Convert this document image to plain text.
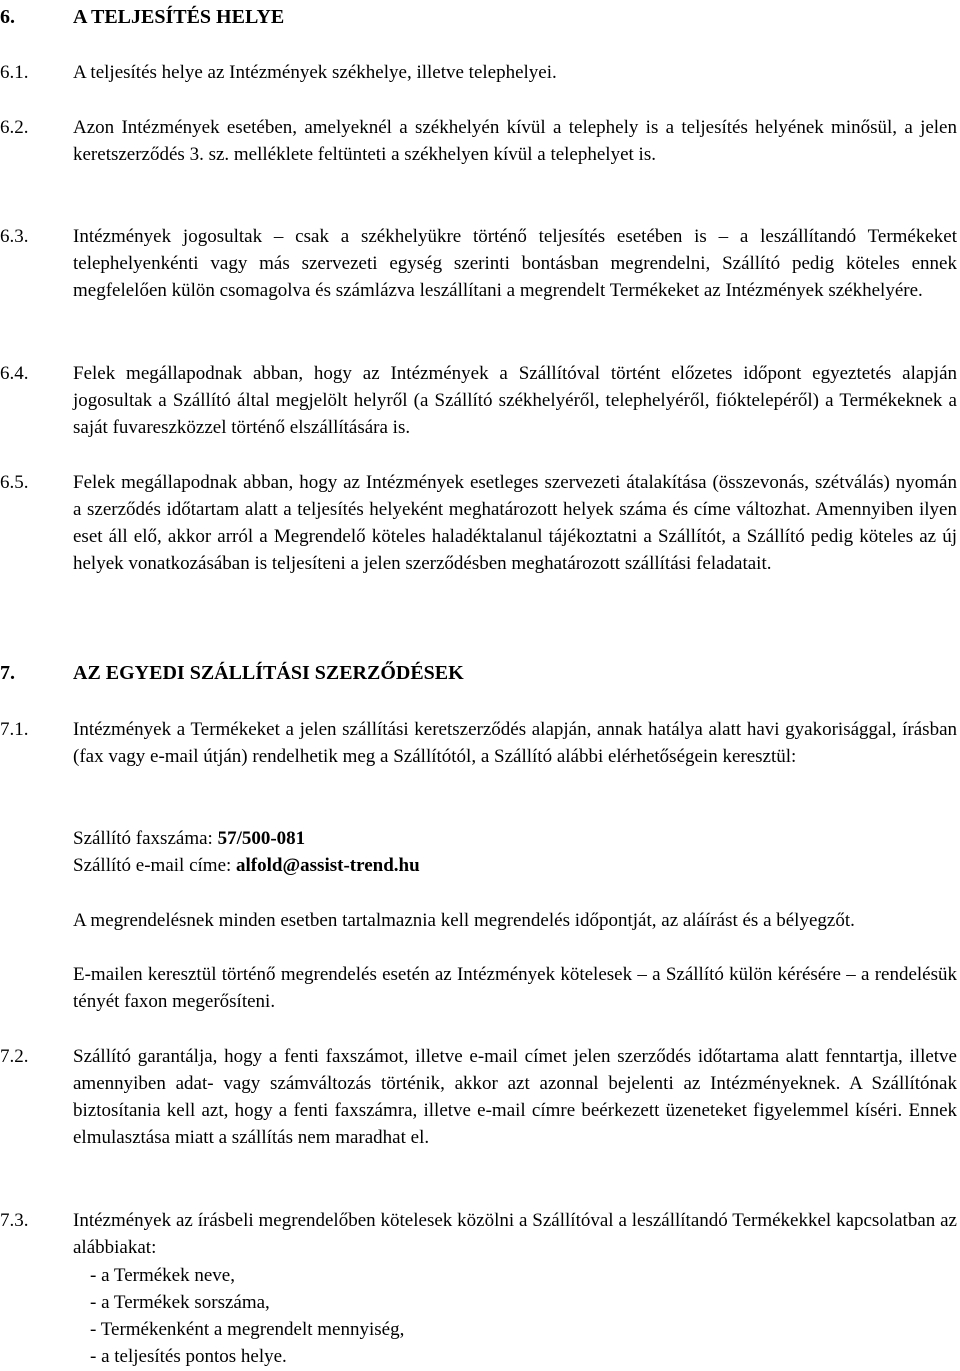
6.	A TELJESÍTÉS HELYE
6.1.	A teljesítés helye az Intézmények székhelye, illetve telephelyei.
6.2.	Azon Intézmények esetében, amelyeknél a székhelyén kívül a telephely is a teljesítés helyének minősül, a jelen keretszerződés 3. sz. melléklete feltünteti a székhelyen kívül a telephelyet is.
6.3.	Intézmények jogosultak – csak a székhelyükre történő teljesítés esetében is – a leszállítandó Termékeket telephelyenkénti vagy más szervezeti egység szerinti bontásban megrendelni, Szállító pedig köteles ennek megfelelően külön csomagolva és számlázva leszállítani a megrendelt Termékeket az Intézmények székhelyére.
6.4.	Felek megállapodnak abban, hogy az Intézmények a Szállítóval történt előzetes időpont egyeztetés alapján jogosultak a Szállító által megjelölt helyről (a Szállító székhelyéről, telephelyéről, fióktelepéről) a Termékeknek a saját fuvareszközzel történő elszállítására is.
6.5.	Felek megállapodnak abban, hogy az Intézmények esetleges szervezeti átalakítása (összevonás, szétválás) nyomán a szerződés időtartam alatt a teljesítés helyeként meghatározott helyek száma és címe változhat. Amennyiben ilyen eset áll elő, akkor arról a Megrendelő köteles haladéktalanul tájékoztatni a Szállítót, a Szállító pedig köteles az új helyek vonatkozásában is teljesíteni a jelen szerződésben meghatározott szállítási feladatait.
7.	AZ EGYEDI SZÁLLÍTÁSI SZERZŐDÉSEK
7.1.	Intézmények a Termékeket a jelen szállítási keretszerződés alapján, annak hatálya alatt havi gyakorisággal, írásban (fax vagy e-mail útján) rendelhetik meg a Szállítótól, a Szállító alábbi elérhetőségein keresztül:
Szállító faxszáma: 57/500-081
Szállító e-mail címe: alfold@assist-trend.hu
A megrendelésnek minden esetben tartalmaznia kell megrendelés időpontját, az aláírást és a bélyegzőt.
E-mailen keresztül történő megrendelés esetén az Intézmények kötelesek – a Szállító külön kérésére – a rendelésük tényét faxon megerősíteni.
7.2.	Szállító garantálja, hogy a fenti faxszámot, illetve e-mail címet jelen szerződés időtartama alatt fenntartja, illetve amennyiben adat- vagy számváltozás történik, akkor azt azonnal bejelenti az Intézményeknek. A Szállítónak biztosítania kell azt, hogy a fenti faxszámra, illetve e-mail címre beérkezett üzeneteket figyelemmel kíséri. Ennek elmulasztása miatt a szállítás nem maradhat el.
7.3.	Intézmények az írásbeli megrendelőben kötelesek közölni a Szállítóval a leszállítandó Termékekkel kapcsolatban az alábbiakat:
- a Termékek neve,
- a Termékek sorszáma,
- Termékenként a megrendelt mennyiség,
- a teljesítés pontos helye.
